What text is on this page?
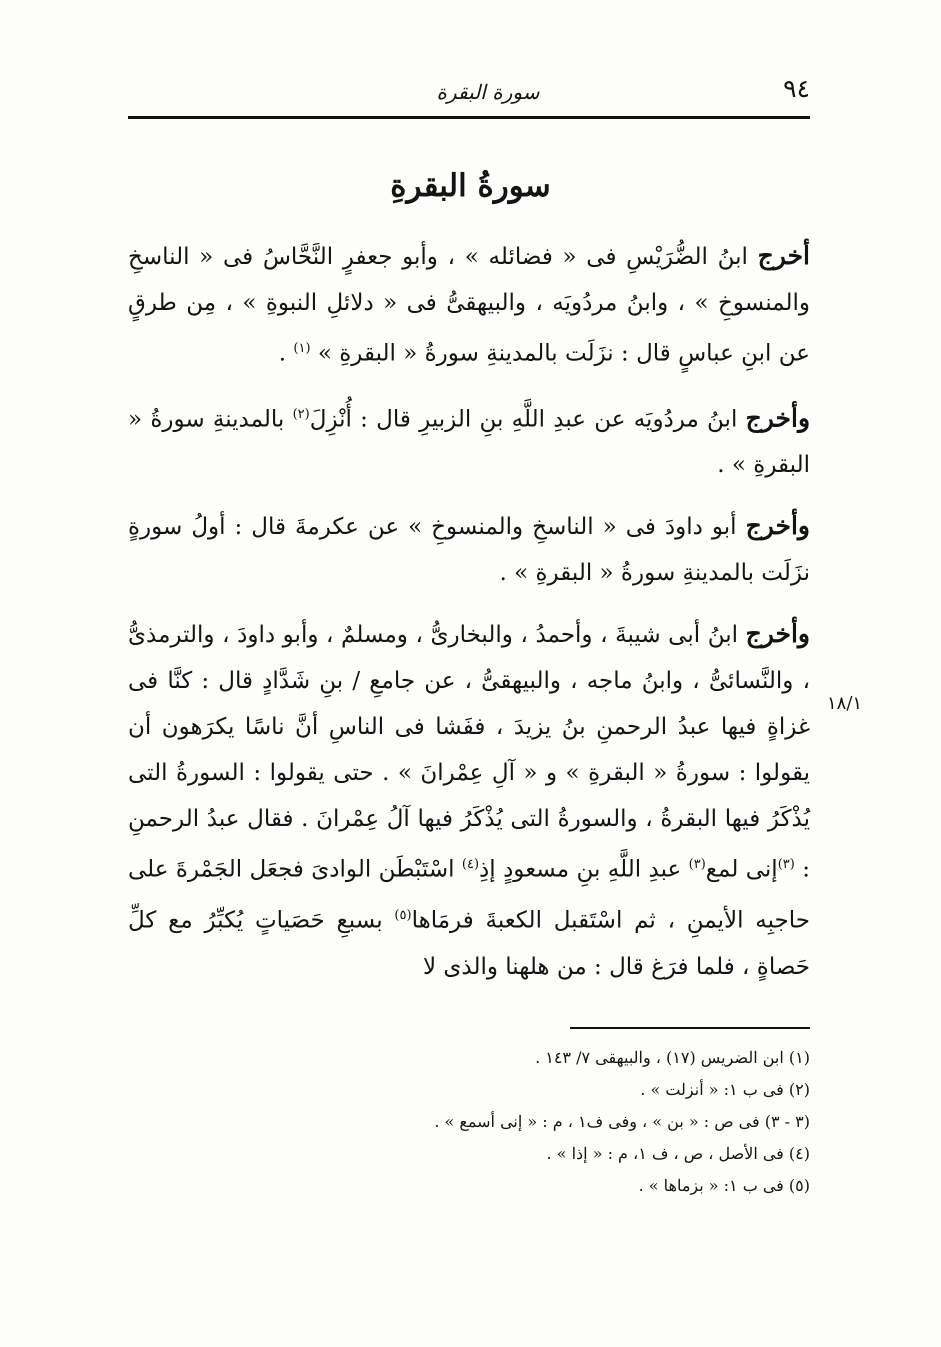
٩٤
سورة البقرة
سورةُ البقرةِ

أخرج ابنُ الضُّرَيْسِ فى « فضائله » ، وأبو جعفرٍ النَّحَّاسُ فى « الناسخِ والمنسوخِ » ، وابنُ مردُويَه ، والبيهقىُّ فى « دلائلِ النبوةِ » ، مِن طرقٍ عن ابنِ عباسٍ قال : نزَلَت بالمدينةِ سورةُ « البقرةِ » $^{(١)}$ .

وأخرج ابنُ مردُويَه عن عبدِ اللَّهِ بنِ الزبيرِ قال : أُنْزِلَ$^{(٢)}$ بالمدينةِ سورةُ « البقرةِ » .

وأخرج أبو داودَ فى « الناسخِ والمنسوخِ » عن عكرمةَ قال : أولُ سورةٍ نزَلَت بالمدينةِ سورةُ « البقرةِ » .

وأخرج ابنُ أبى شيبةَ ، وأحمدُ ، والبخارىُّ ، ومسلمٌ ، وأبو داودَ ، والترمذىُّ ، والنَّسائىُّ ، وابنُ ماجه ، والبيهقىُّ ، عن جامعِ / بنِ شَدَّادٍ قال : كنَّا فى غزاةٍ فيها عبدُ الرحمنِ بنُ يزيدَ ، ففَشا فى الناسِ أنَّ ناسًا يكرَهون أن يقولوا : سورةُ « البقرةِ » و « آلِ عِمْرانَ » . حتى يقولوا : السورةُ التى يُذْكَرُ فيها البقرةُ ، والسورةُ التى يُذْكَرُ فيها آلُ عِمْرانَ . فقال عبدُ الرحمنِ : $^{(٣)}$إنى لمع$^{(٣)}$ عبدِ اللَّهِ بنِ مسعودٍ إذِ$^{(٤)}$ اسْتَبْطَن الوادىَ فجعَل الجَمْرةَ على حاجبِه الأيمنِ ، ثم اسْتَقبل الكعبةَ فرمَاها$^{(٥)}$ بسبعِ حَصَياتٍ يُكبِّرُ مع كلِّ حَصاةٍ ، فلما فرَغ قال : من هلهنا والذى لا

١٨/١
(١) ابن الضريس (١٧) ، والبيهقى ٧/ ١٤٣ .
(٢) فى ب ١: « أنزلت » .
(٣ - ٣) فى ص : « بن » ، وفى ف١ ، م : « إنى أسمع » .
(٤) فى الأصل ، ص ، ف ١، م : « إذا » .
(٥) فى ب ١: « بزماها » .
